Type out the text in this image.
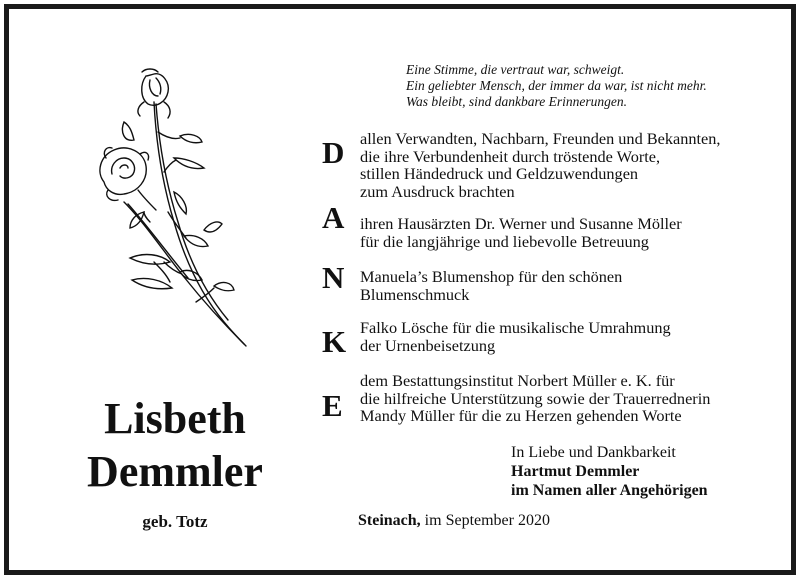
Eine Stimme, die vertraut war, schweigt.
Ein geliebter Mensch, der immer da war, ist nicht mehr.
Was bleibt, sind dankbare Erinnerungen.
D allen Verwandten, Nachbarn, Freunden und Bekannten,
die ihre Verbundenheit durch tröstende Worte,
stillen Händedruck und Geldzuwendungen
zum Ausdruck brachten
A ihren Hausärzten Dr. Werner und Susanne Möller
für die langjährige und liebevolle Betreuung
N Manuela’s Blumenshop für den schönen
Blumenschmuck
K Falko Lösche für die musikalische Umrahmung
der Urnenbeisetzung
E
dem Bestattungsinstitut Norbert Müller e. K. für
die hilfreiche Unterstützung sowie der Trauerrednerin
Mandy Müller für die zu Herzen gehenden Worte
Lisbeth
Demmler
geb. Totz
In Liebe und Dankbarkeit
Hartmut Demmler
im Namen aller Angehörigen
Steinach, im September 2020
